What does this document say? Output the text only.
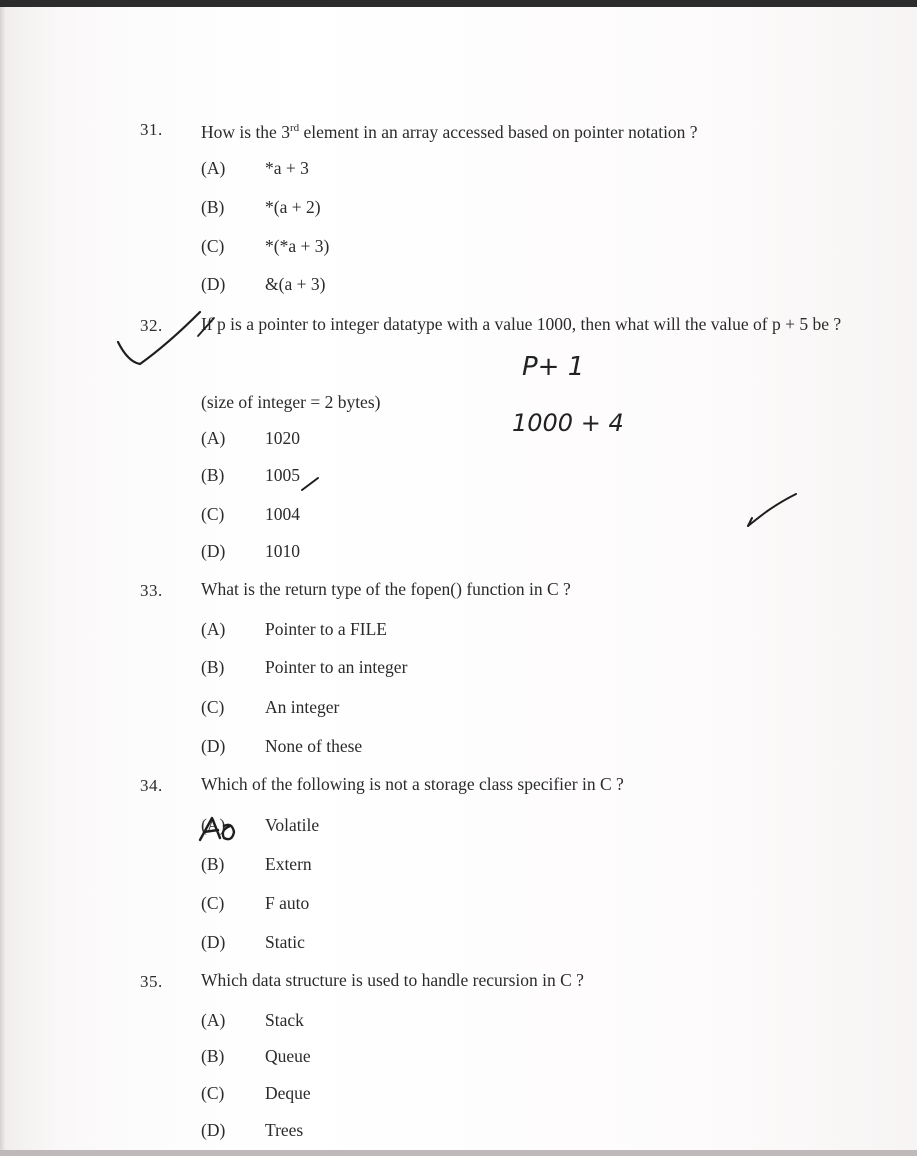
31. How is the 3rd element in an array accessed based on pointer notation ?
(A) *a + 3
(B) *(a + 2)
(C) *(*a + 3)
(D) &(a + 3)
32. If p is a pointer to integer datatype with a value 1000, then what will the value of p + 5 be ?
(size of integer = 2 bytes)
(A) 1020
(B) 1005
(C) 1004
(D) 1010
P+ 1
1000 + 4
33. What is the return type of the fopen() function in C ?
(A) Pointer to a FILE
(B) Pointer to an integer
(C) An integer
(D) None of these
34. Which of the following is not a storage class specifier in C ?
(A) Volatile
(B) Extern
(C) F auto
(D) Static
35. Which data structure is used to handle recursion in C ?
(A) Stack
(B) Queue
(C) Deque
(D) Trees
